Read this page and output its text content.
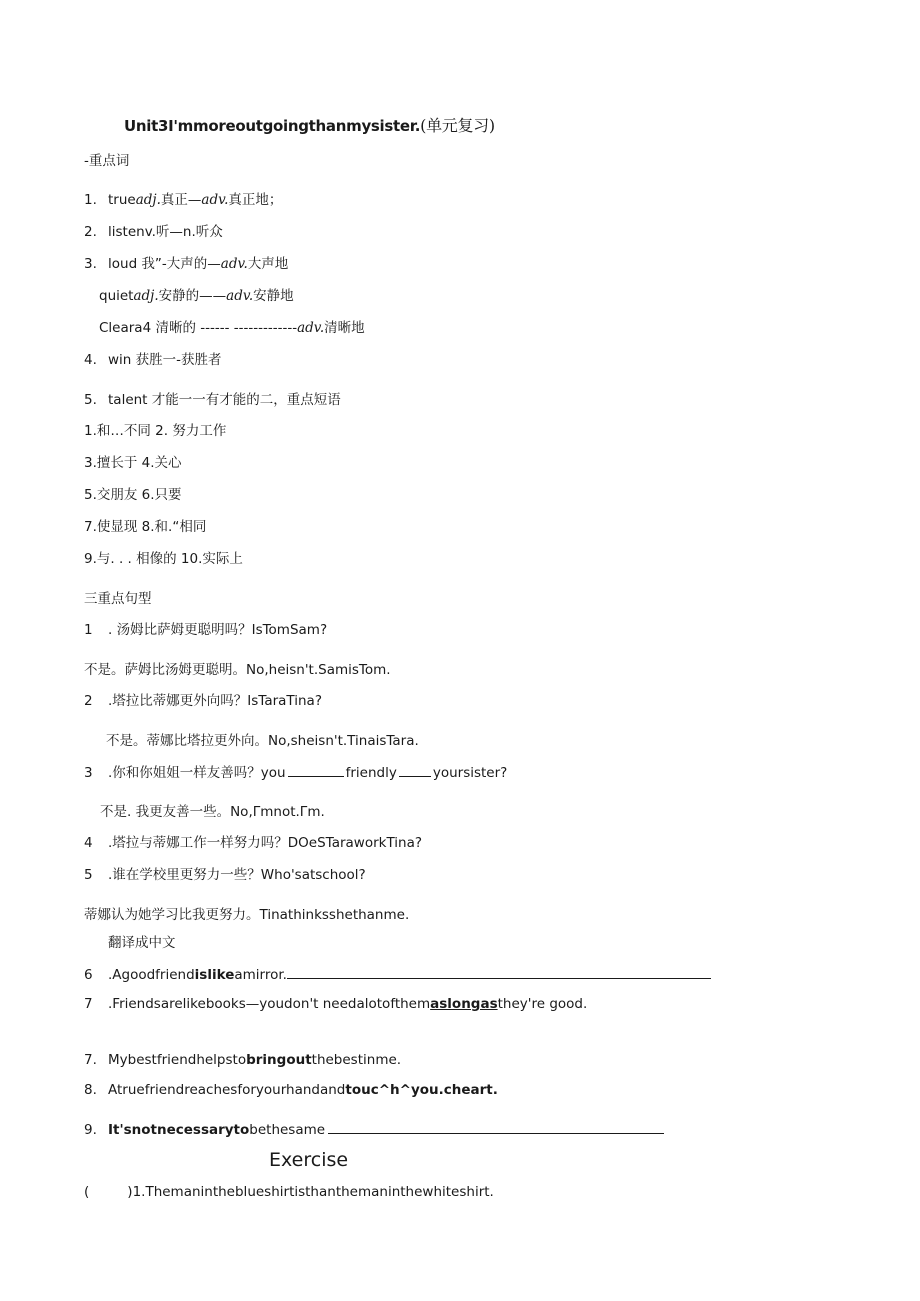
Unit3I'mmoreoutgoingthanmysister.(单元复习)
-重点词
1. trueadj.真正—adv.真正地；
2. listenv.听—n.听众
3. loud 我”-大声的—adv.大声地
quietadj.安静的——adv.安静地
Cleara4 清晰的 ------ -------------adv.清晰地
4. win 获胜一-获胜者
5. talent 才能一一有才能的二，重点短语
1.和…不同 2. 努力工作
3.擅长于 4.关心
5.交朋友 6.只要
7.使显现 8.和.“相同
9.与. . . 相像的 10.实际上
三重点句型
1 . 汤姆比萨姆更聪明吗？IsTomSam?
不是。萨姆比汤姆更聪明。No,heisn't.SamisTom.
2 .塔拉比蒂娜更外向吗？IsTaraTina?
不是。蒂娜比塔拉更外向。No,sheisn't.TinaisTara.
3 .你和你姐姐一样友善吗？you	friendly	yoursister?
不是. 我更友善一些。No,Γmnot.Γm.
4 .塔拉与蒂娜工作一样努力吗？DOeSTaraworkTina?
5 .谁在学校里更努力一些？Who'satschool?
蒂娜认为她学习比我更努力。Tinathinksshethanme.
翻译成中文
6 .Agoodfriendislikeamirror.
7 .Friendsarelikebooks—youdon't needalotofthemaslongasthey're good.
7. Mybestfriendhelpstobringoutthebestinme.
8. Atruefriendreachesforyourhandandtouc^h^you.cheart.
9. It'snotnecessarytobethesame
Exercise
(	)1.Themanintheblueshirtisthanthemaninthewhiteshirt.
